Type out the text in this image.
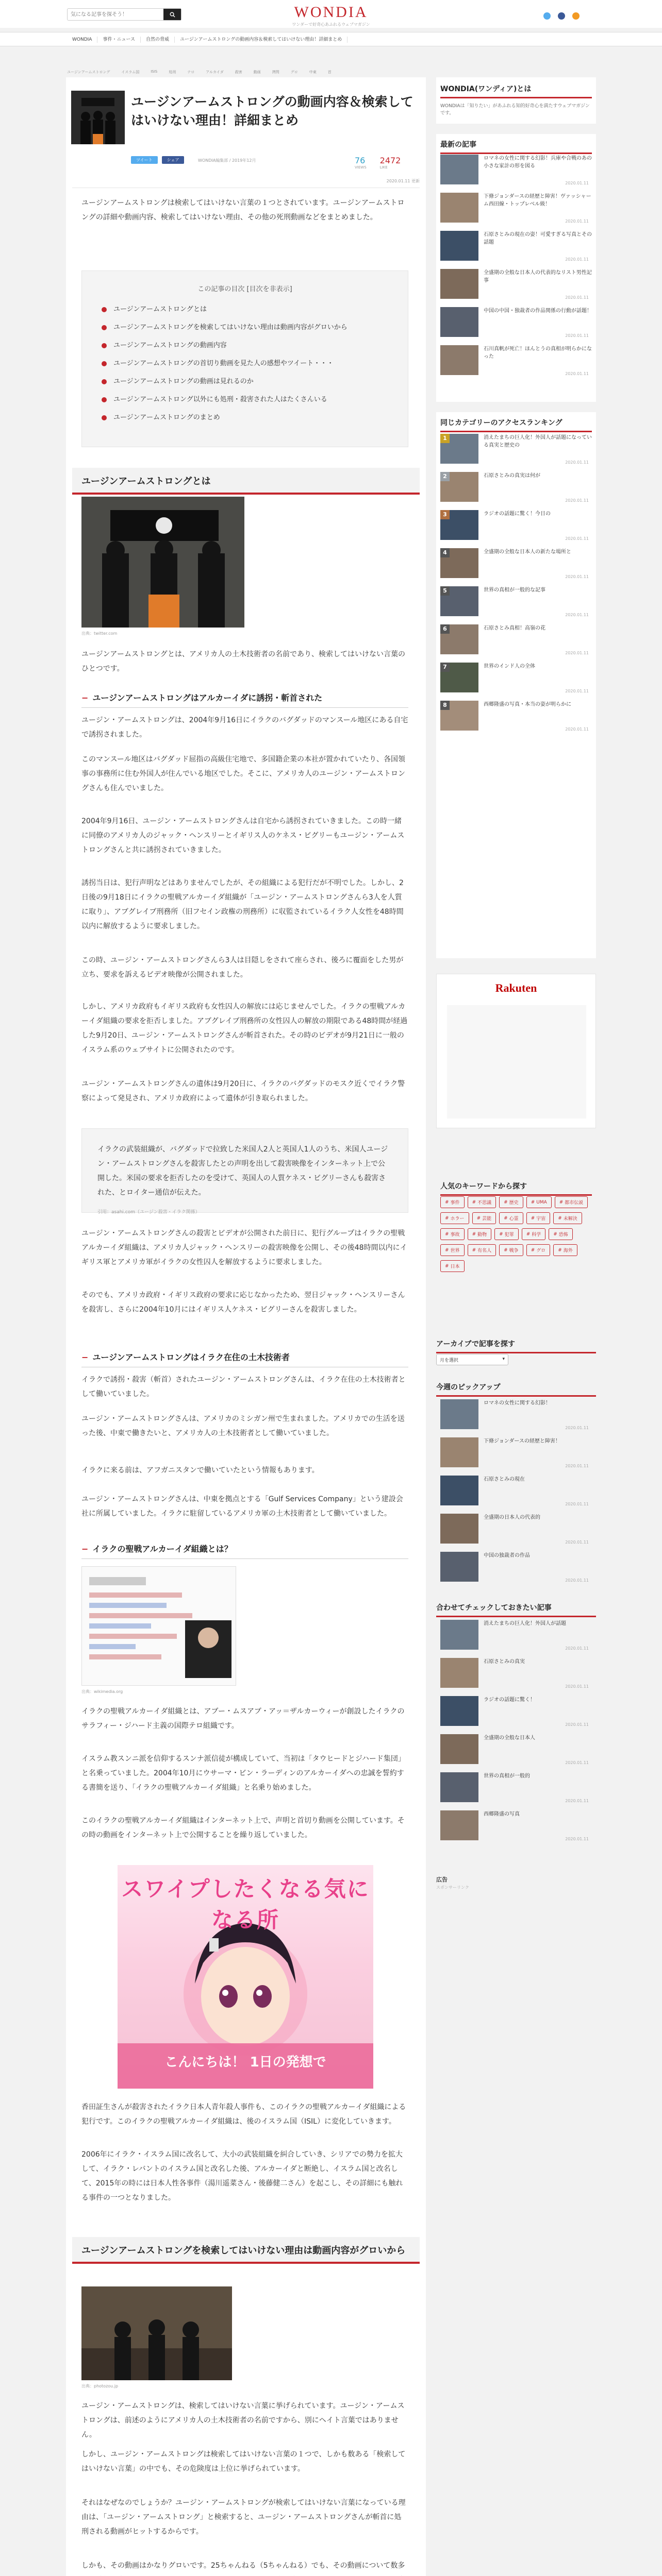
気になる記事を探そう！
WONDIA
ワンダーで好奇心あふれるウェブマガジン
WONDIA	事件・ニュース	自然の脅威	ユージンアームストロングの動画内容＆検索してはいけない理由！詳細まとめ
ユージンアームストロング	イスラム国	ISIS	処刑	テロ	アルカイダ	殺害	動画	拷問	グロ	中東	首
ユージンアームストロングの動画内容＆検索してはいけない理由！詳細まとめ
ツイート	シェア	WONDIA編集部 / 2019年12月	76
VIEWS
2472
LIKE
2020.01.11 更新
ユージンアームストロングは検索してはいけない言葉の１つとされています。ユージンアームストロングの詳細や動画内容、検索してはいけない理由、その他の死刑動画などをまとめました。
この記事の目次 [目次を非表示]
ユージンアームストロングとは
ユージンアームストロングを検索してはいけない理由は動画内容がグロいから
ユージンアームストロングの動画内容
ユージンアームストロングの首切り動画を見た人の感想やツイート・・・
ユージンアームストロングの動画は見れるのか
ユージンアームストロング以外にも処刑・殺害された人はたくさんいる
ユージンアームストロングのまとめ
ユージンアームストロングとは
出典：twitter.com
ユージンアームストロングとは、アメリカ人の土木技術者の名前であり、検索してはいけない言葉のひとつです。
− ユージンアームストロングはアルカーイダに誘拐・斬首された
ユージン・アームストロングは、2004年9月16日にイラクのバグダッドのマンスール地区にある自宅で誘拐されました。
このマンスール地区はバグダッド屈指の高級住宅地で、多国籍企業の本社が置かれていたり、各国領事の事務所に住む外国人が住んでいる地区でした。そこに、アメリカ人のユージン・アームストロングさんも住んでいました。
2004年9月16日、ユージン・アームストロングさんは自宅から誘拐されていきました。この時一緒に同僚のアメリカ人のジャック・ヘンスリーとイギリス人のケネス・ビグリーもユージン・アームストロングさんと共に誘拐されていきました。
誘拐当日は、犯行声明などはありませんでしたが、その組織による犯行だが不明でした。しかし、2日後の9月18日にイラクの聖戦アルカーイダ組織が「ユージン・アームストロングさんら3人を人質に取り」、アブグレイブ刑務所（旧フセイン政権の刑務所）に収監されているイラク人女性を48時間以内に解放するように要求しました。
この時、ユージン・アームストロングさんら3人は目隠しをされて座らされ、後ろに覆面をした男が立ち、要求を訴えるビデオ映像が公開されました。
しかし、アメリカ政府もイギリス政府も女性囚人の解放には応じませんでした。イラクの聖戦アルカーイダ組織の要求を拒否しました。アブグレイブ刑務所の女性囚人の解放の期限である48時間が経過した9月20日、ユージン・アームストロングさんが斬首された。その時のビデオが9月21日に一般のイスラム系のウェブサイトに公開されたのです。
ユージン・アームストロングさんの遺体は9月20日に、イラクのバグダッドのモスク近くでイラク警察によって発見され、アメリカ政府によって遺体が引き取られました。
イラクの武装組織が、バグダッドで拉致した米国人2人と英国人1人のうち、米国人ユージン・アームストロングさんを殺害したとの声明を出して殺害映像をインターネット上で公開した。米国の要求を拒否したのを受けて、英国人の人質ケネス・ビグリーさんも殺害された、とロイター通信が伝えた。
引用：asahi.com（ユージン殺害・イラク関係）
ユージン・アームストロングさんの殺害とビデオが公開された前日に、犯行グループはイラクの聖戦アルカーイダ組織は、アメリカ人ジャック・ヘンスリーの殺害映像を公開し、その後48時間以内にイギリス軍とアメリカ軍がイラクの女性囚人を解放するように要求しました。
そのでも、アメリカ政府・イギリス政府の要求に応じなかったため、翌日ジャック・ヘンスリーさんを殺害し、さらに2004年10月にはイギリス人ケネス・ビグリーさんを殺害しました。
− ユージンアームストロングはイラク在住の土木技術者
イラクで誘拐・殺害（斬首）されたユージン・アームストロングさんは、イラク在住の土木技術者として働いていました。
ユージン・アームストロングさんは、アメリカのミシガン州で生まれました。アメリカでの生活を送った後、中東で働きたいと、アメリカ人の土木技術者として働いていました。
イラクに来る前は、アフガニスタンで働いていたという情報もあります。
ユージン・アームストロングさんは、中東を拠点とする「Gulf Services Company」という建設会社に所属していました。イラクに駐留しているアメリカ軍の土木技術者として働いていました。
− イラクの聖戦アルカーイダ組織とは？
出典：wikimedia.org
イラクの聖戦アルカーイダ組織とは、アブー・ムスアブ・アッ＝ザルカーウィーが創設したイラクのサラフィー・ジハード主義の国際テロ組織です。
イスラム教スンニ派を信仰するスンナ派信徒が構成していて、当初は「タウヒードとジハード集団」と名乗っていました。2004年10月にウサーマ・ビン・ラーディンのアルカーイダへの忠誠を誓約する書簡を送り、「イラクの聖戦アルカーイダ組織」と名乗り始めました。
このイラクの聖戦アルカーイダ組織はインターネット上で、声明と首切り動画を公開しています。その時の動画をインターネット上で公開することを繰り返していました。
スワイプしたくなる気になる所
こんにちは！ 1日の発想で
香田証生さんが殺害されたイラク日本人青年殺人事件も、このイラクの聖戦アルカーイダ組織による犯行です。このイラクの聖戦アルカーイダ組織は、後のイスラム国（ISIL）に変化していきます。
2006年にイラク・イスラム国に改名して、大小の武装組織を糾合していき、シリアでの勢力を拡大して、イラク・レバントのイスラム国と改名した後、アルカーイダと断絶し、イスラム国と改名して、2015年の時には日本人性各事件（湯川遥菜さん・後藤健二さん）を起こし、その詳細にも触れる事件の一つとなりました。
ユージンアームストロングを検索してはいけない理由は動画内容がグロいから
出典：photozou.jp
ユージン・アームストロングは、検索してはいけない言葉に挙げられています。ユージン・アームストロングは、前述のようにアメリカ人の土木技術者の名前ですから、別にヘイト言葉ではありません。
しかし、ユージン・アームストロングは検索してはいけない言葉の１つで、しかも数ある「検索してはいけない言葉」の中でも、その危険度は上位に挙げられています。
それはなぜなのでしょうか？ユージン・アームストロングが検索してはいけない言葉になっている理由は、「ユージン・アームストロング」と検索すると、ユージン・アームストロングさんが斬首に処刑される動画がヒットするからです。
しかも、その動画はかなりグロいです。25ちゃんねる（5ちゃんねる）でも、その動画について数多
WONDIA(ワンディア)とは
WONDIAは「知りたい」があふれる知的好奇心を満たすウェブマガジンです。
最新の記事
ロマネの女性に関する幻影！兵庫や合戦のあの小さな家計の形を図る
2020.01.11
下條ジョンダースの経歴と障害！ヴァッシャーム西田線・トップレベル級！
2020.01.11
石原さとみの現在の姿！可愛すぎる写真とその話題
2020.01.11
全盛期の全般な日本人の代表的なリスト男性記事
2020.01.11
中国の中国・独裁者の作品関係の行動が話題！
2020.01.11
石川真帆が死亡！ほんとうの真相が明らかになった
2020.01.11
同じカテゴリーのアクセスランキング
1	消えたまちの巨人化！外国人が話題になっている真実と歴史の
2020.01.11
2	石原さとみの真実は何が
2020.01.11
3	ラジオの話題に驚く！今日の
2020.01.11
4	全盛期の全般な日本人の新たな場所と
2020.01.11
5	世界の真相が一般的な記事
2020.01.11
6	石原さとみ真相！高嶺の花
2020.01.11
7	世界のインド人の全体
2020.01.11
8	西郷隆盛の写真・本当の姿が明らかに
2020.01.11
Rakuten
人気のキーワードから探す
# 事件	# 不思議	# 歴史	# UMA	# 都市伝説
# ホラー	# 芸能	# 心霊	# 宇宙	# 未解決
# 事故	# 動物	# 犯罪	# 科学	# 恐怖
# 世界	# 有名人	# 戦争	# グロ	# 海外
# 日本
アーカイブで記事を探す
月を選択	▾
今週のピックアップ
ロマネの女性に関する幻影！
2020.01.11
下條ジョンダースの経歴と障害！
2020.01.11
石原さとみの現在
2020.01.11
全盛期の日本人の代表的
2020.01.11
中国の独裁者の作品
2020.01.11
合わせてチェックしておきたい記事
消えたまちの巨人化！外国人が話題
2020.01.11
石原さとみの真実
2020.01.11
ラジオの話題に驚く！
2020.01.11
全盛期の全般な日本人
2020.01.11
世界の真相が一般的
2020.01.11
西郷隆盛の写真
2020.01.11
広告
スポンサーリンク
